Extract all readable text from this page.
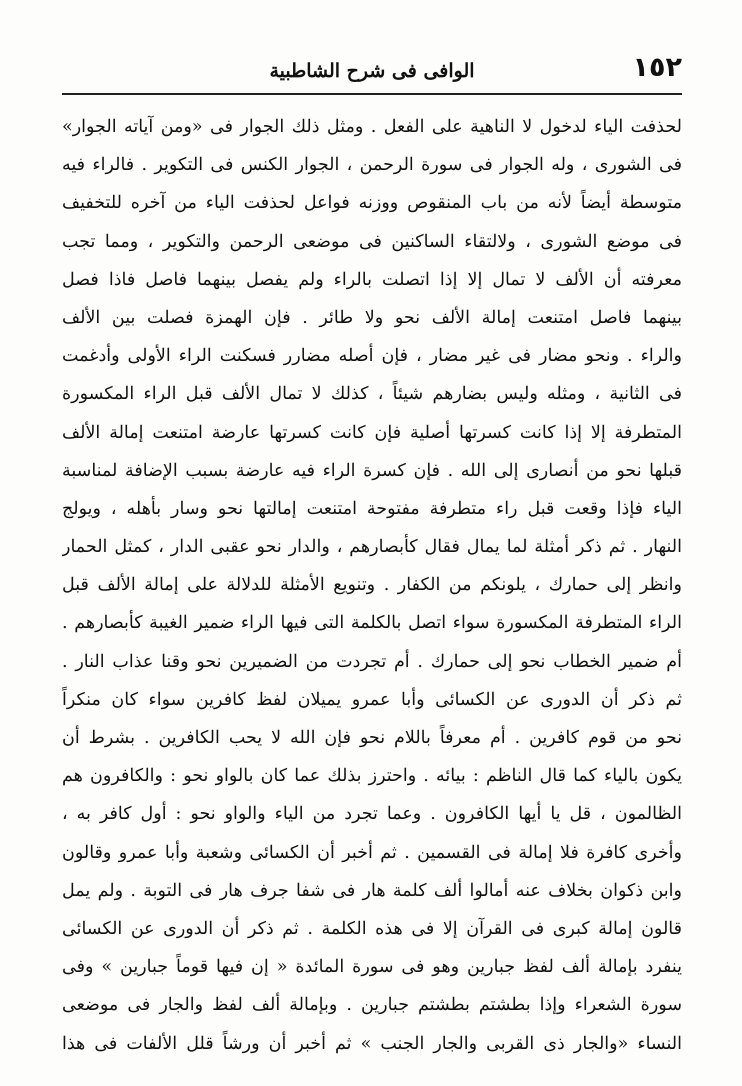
١٥٢
الوافى فى شرح الشاطبية
لحذفت الياء لدخول لا الناهية على الفعل . ومثل ذلك الجوار فى «ومن آياته الجوار»
فى الشورى ، وله الجوار فى سورة الرحمن ، الجوار الكنس فى التكوير . فالراء فيه
متوسطة أيضاً لأنه من باب المنقوص ووزنه فواعل لحذفت الياء من آخره للتخفيف
فى موضع الشورى ، ولالتقاء الساكنين فى موضعى الرحمن والتكوير ، ومما تجب
معرفته أن الألف لا تمال إلا إذا اتصلت بالراء ولم يفصل بينهما فاصل فاذا فصل
بينهما فاصل امتنعت إمالة الألف نحو ولا طائر . فإن الهمزة فصلت بين الألف
والراء . ونحو مضار فى غير مضار ، فإن أصله مضارر فسكنت الراء الأولى وأدغمت
فى الثانية ، ومثله وليس بضارهم شيئاً ، كذلك لا تمال الألف قبل الراء المكسورة
المتطرفة إلا إذا كانت كسرتها أصلية فإن كانت كسرتها عارضة امتنعت إمالة الألف
قبلها نحو من أنصارى إلى الله . فإن كسرة الراء فيه عارضة بسبب الإضافة لمناسبة
الياء فإذا وقعت قبل راء متطرفة مفتوحة امتنعت إمالتها نحو وسار بأهله ، ويولج
النهار . ثم ذكر أمثلة لما يمال فقال كأبصارهم ، والدار نحو عقبى الدار ، كمثل الحمار
وانظر إلى حمارك ، يلونكم من الكفار . وتنويع الأمثلة للدلالة على إمالة الألف قبل
الراء المتطرفة المكسورة سواء اتصل بالكلمة التى فيها الراء ضمير الغيبة كأبصارهم .
أم ضمير الخطاب نحو إلى حمارك . أم تجردت من الضميرين نحو وقنا عذاب النار .
ثم ذكر أن الدورى عن الكسائى وأبا عمرو يميلان لفظ كافرين سواء كان منكراً
نحو من قوم كافرين . أم معرفاً باللام نحو فإن الله لا يحب الكافرين . بشرط أن
يكون بالياء كما قال الناظم : بيائه . واحترز بذلك عما كان بالواو نحو : والكافرون هم
الظالمون ، قل يا أيها الكافرون . وعما تجرد من الياء والواو نحو : أول كافر به ،
وأخرى كافرة فلا إمالة فى القسمين . ثم أخبر أن الكسائى وشعبة وأبا عمرو وقالون
وابن ذكوان بخلاف عنه أمالوا ألف كلمة هار فى شفا جرف هار فى التوبة . ولم يمل
قالون إمالة كبرى فى القرآن إلا فى هذه الكلمة . ثم ذكر أن الدورى عن الكسائى
ينفرد بإمالة ألف لفظ جبارين وهو فى سورة المائدة « إن فيها قوماً جبارين » وفى
سورة الشعراء وإذا بطشتم بطشتم جبارين . وبإمالة ألف لفظ والجار فى موضعى
النساء «والجار ذى القربى والجار الجنب » ثم أخبر أن ورشاً قلل الألفات فى هذا
